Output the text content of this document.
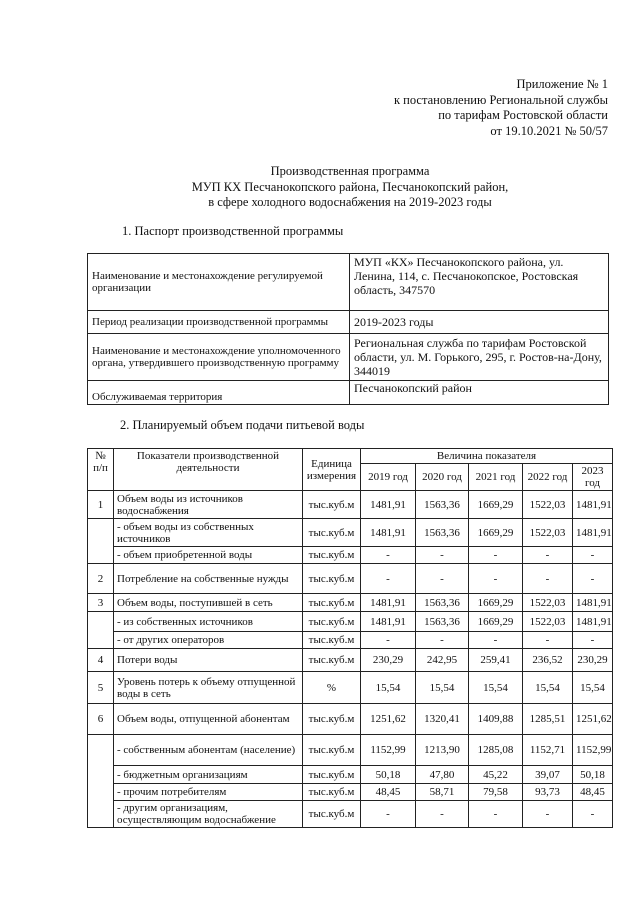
Приложение № 1
к постановлению Региональной службы
по тарифам Ростовской области
от 19.10.2021 № 50/57
Производственная программа
МУП КХ Песчанокопского района, Песчанокопский район,
в сфере холодного водоснабжения на 2019-2023 годы
1. Паспорт производственной программы
Наименование и местонахождение регулируемой организации	МУП «КХ» Песчанокопского района, ул. Ленина, 114, с. Песчанокопское, Ростовская область, 347570
Период реализации производственной программы	2019-2023 годы
Наименование и местонахождение уполномоченного органа, утвердившего производственную программу	Региональная служба по тарифам Ростовской области, ул. М. Горького, 295, г. Ростов-на-Дону, 344019
Обслуживаемая территория	Песчанокопский район
2. Планируемый объем подачи питьевой воды
№ п/п	Показатели производственной деятельности	Единица измерения	Величина показателя				
			2019 год	2020 год	2021 год	2022 год	2023 год
1	Объем воды из источников водоснабжения	тыс.куб.м	1481,91	1563,36	1669,29	1522,03	1481,91
	- объем воды из собственных источников	тыс.куб.м	1481,91	1563,36	1669,29	1522,03	1481,91
	- объем приобретенной воды	тыс.куб.м	-	-	-	-	-
2	Потребление на собственные нужды	тыс.куб.м	-	-	-	-	-
3	Объем воды, поступившей в сеть	тыс.куб.м	1481,91	1563,36	1669,29	1522,03	1481,91
	- из собственных источников	тыс.куб.м	1481,91	1563,36	1669,29	1522,03	1481,91
	- от других операторов	тыс.куб.м	-	-	-	-	-
4	Потери воды	тыс.куб.м	230,29	242,95	259,41	236,52	230,29
5	Уровень потерь к объему отпущенной воды в сеть	%	15,54	15,54	15,54	15,54	15,54
6	Объем воды, отпущенной абонентам	тыс.куб.м	1251,62	1320,41	1409,88	1285,51	1251,62
	- собственным абонентам (население)	тыс.куб.м	1152,99	1213,90	1285,08	1152,71	1152,99
	- бюджетным организациям	тыс.куб.м	50,18	47,80	45,22	39,07	50,18
	- прочим потребителям	тыс.куб.м	48,45	58,71	79,58	93,73	48,45
	- другим организациям, осуществляющим водоснабжение	тыс.куб.м	-	-	-	-	-
